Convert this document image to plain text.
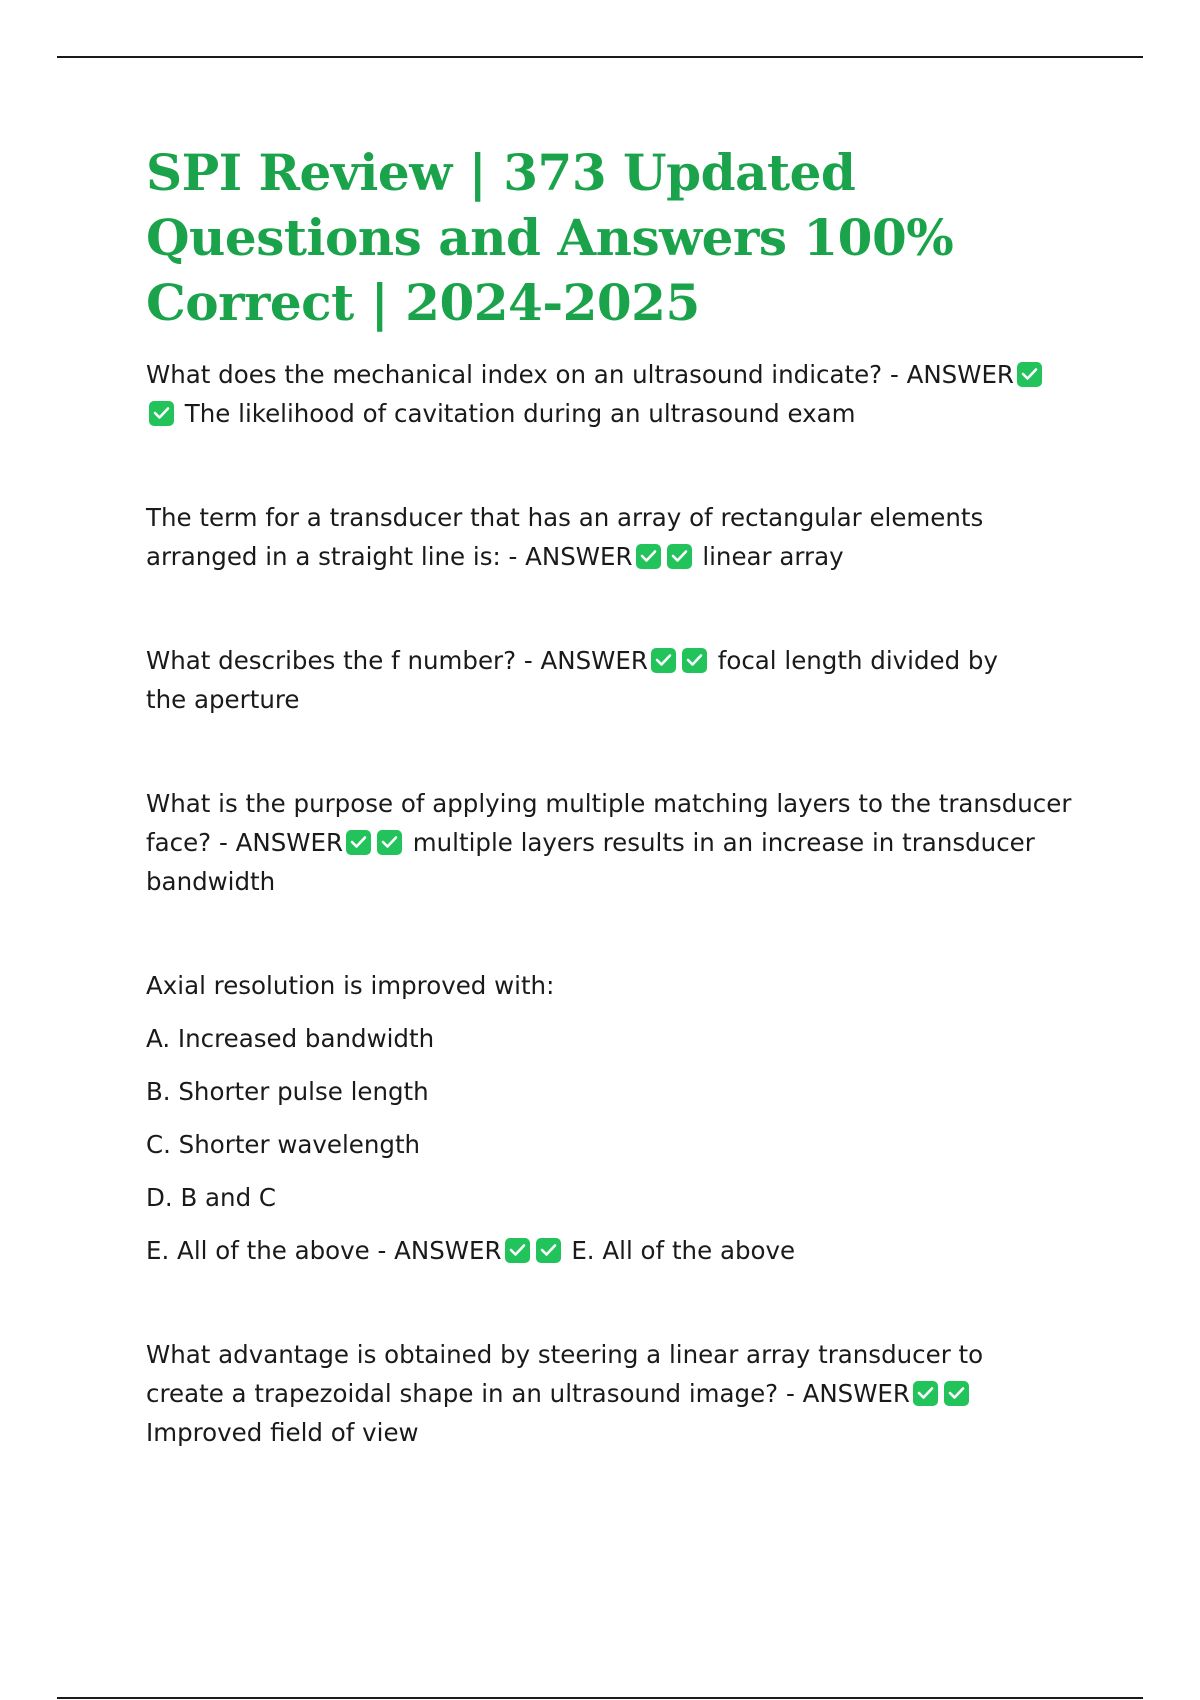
SPI Review | 373 Updated Questions and Answers 100% Correct | 2024-2025

What does the mechanical index on an ultrasound indicate? - ANSWER
The likelihood of cavitation during an ultrasound exam

The term for a transducer that has an array of rectangular elements arranged in a straight line is: - ANSWER	linear array

What describes the f number? - ANSWER	focal length divided by the aperture

What is the purpose of applying multiple matching layers to the transducer face? - ANSWER	multiple layers results in an increase in transducer bandwidth

Axial resolution is improved with:

A. Increased bandwidth

B. Shorter pulse length

C. Shorter wavelength

D. B and C

E. All of the above - ANSWER	E. All of the above

What advantage is obtained by steering a linear array transducer to create a trapezoidal shape in an ultrasound image? - ANSWER
Improved field of view
